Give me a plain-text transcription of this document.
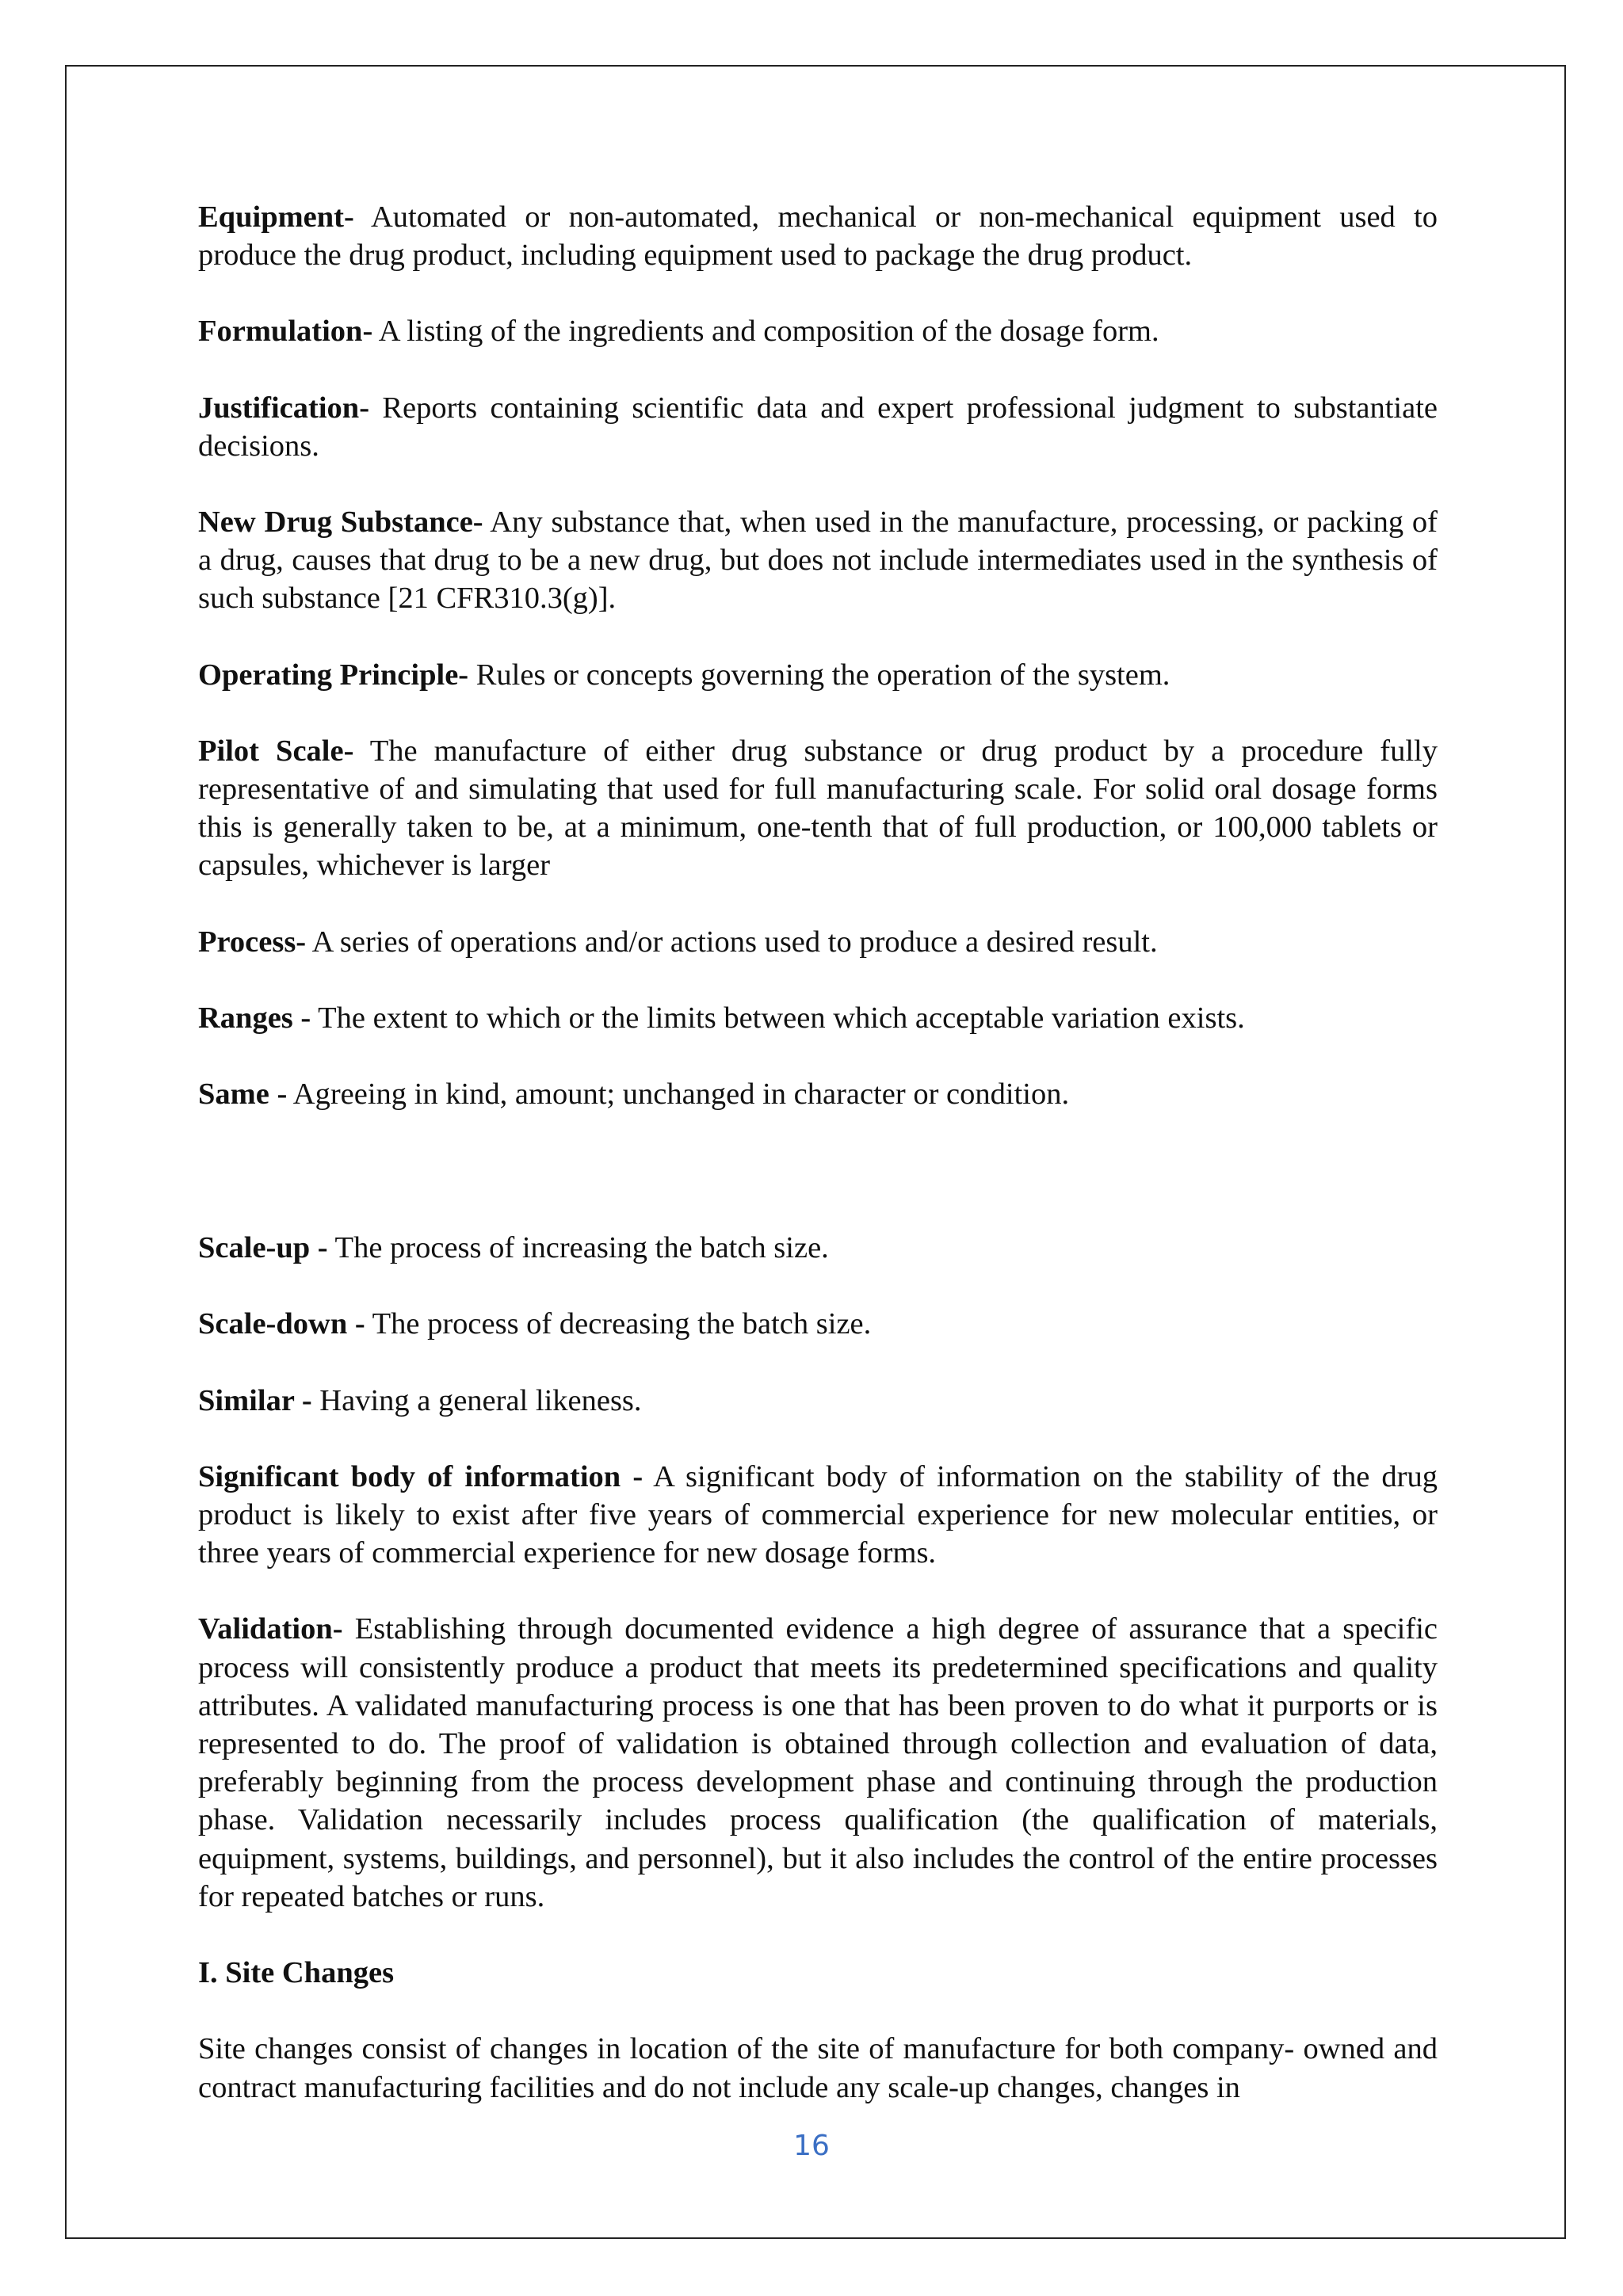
Equipment- Automated or non-automated, mechanical or non-mechanical equipment used to produce the drug product, including equipment used to package the drug product.

Formulation- A listing of the ingredients and composition of the dosage form.

Justification- Reports containing scientific data and expert professional judgment to substantiate decisions.

New Drug Substance- Any substance that, when used in the manufacture, processing, or packing of a drug, causes that drug to be a new drug, but does not include intermediates used in the synthesis of such substance [21 CFR310.3(g)].

Operating Principle- Rules or concepts governing the operation of the system.

Pilot Scale- The manufacture of either drug substance or drug product by a procedure fully representative of and simulating that used for full manufacturing scale. For solid oral dosage forms this is generally taken to be, at a minimum, one-tenth that of full production, or 100,000 tablets or capsules, whichever is larger

Process- A series of operations and/or actions used to produce a desired result.

Ranges - The extent to which or the limits between which acceptable variation exists.

Same - Agreeing in kind, amount; unchanged in character or condition.

Scale-up - The process of increasing the batch size.

Scale-down - The process of decreasing the batch size.

Similar - Having a general likeness.

Significant body of information - A significant body of information on the stability of the drug product is likely to exist after five years of commercial experience for new molecular entities, or three years of commercial experience for new dosage forms.

Validation- Establishing through documented evidence a high degree of assurance that a specific process will consistently produce a product that meets its predetermined specifications and quality attributes. A validated manufacturing process is one that has been proven to do what it purports or is represented to do. The proof of validation is obtained through collection and evaluation of data, preferably beginning from the process development phase and continuing through the production phase. Validation necessarily includes process qualification (the qualification of materials, equipment, systems, buildings, and personnel), but it also includes the control of the entire processes for repeated batches or runs.

I. Site Changes

Site changes consist of changes in location of the site of manufacture for both company- owned and contract manufacturing facilities and do not include any scale-up changes, changes in

16
